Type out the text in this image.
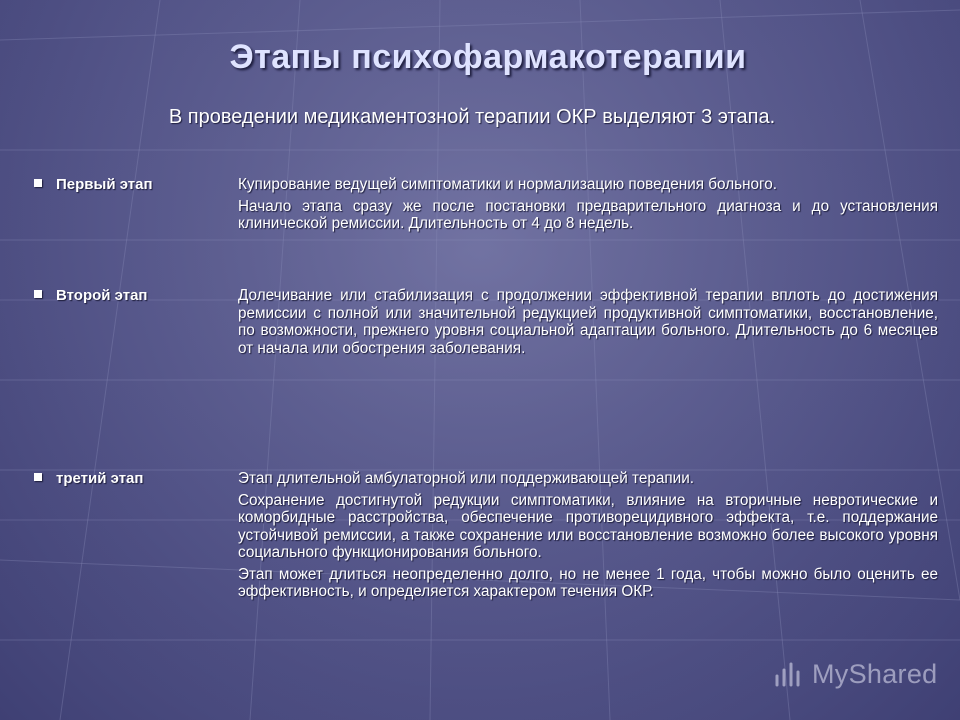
Этапы психофармакотерапии
В проведении медикаментозной терапии ОКР выделяют 3 этапа.
Первый этап	Купирование ведущей симптоматики и нормализацию поведения больного.

Начало этапа сразу же после постановки предварительного диагноза и до установления клинической ремиссии. Длительность от 4 до 8 недель.

Второй этап	Долечивание или стабилизация с продолжении эффективной терапии вплоть до достижения ремиссии с полной или значительной редукцией продуктивной симптоматики, восстановление, по возможности, прежнего уровня социальной адаптации больного. Длительность до 6 месяцев от начала или обострения заболевания.

третий этап	Этап длительной амбулаторной или поддерживающей терапии.

Сохранение достигнутой редукции симптоматики, влияние на вторичные невротические и коморбидные расстройства, обеспечение противорецидивного эффекта, т.е. поддержание устойчивой ремиссии, а также сохранение или восстановление возможно более высокого уровня социального функционирования больного.

Этап может длиться неопределенно долго, но не менее 1 года, чтобы можно было оценить ее эффективность, и определяется характером течения ОКР.

MyShared
